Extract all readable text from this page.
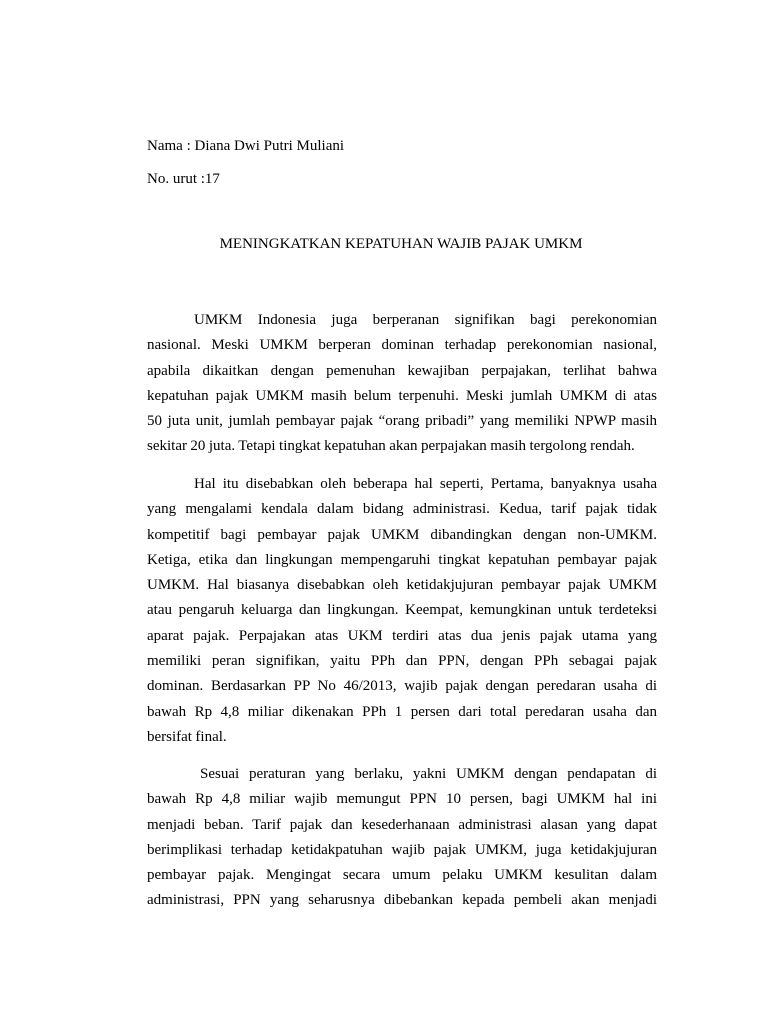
Nama : Diana Dwi Putri Muliani
No. urut :17
MENINGKATKAN KEPATUHAN WAJIB PAJAK UMKM
UMKM Indonesia juga berperanan signifikan bagi perekonomian
nasional. Meski UMKM berperan dominan terhadap perekonomian nasional,
apabila dikaitkan dengan pemenuhan kewajiban perpajakan, terlihat bahwa
kepatuhan pajak UMKM masih belum terpenuhi. Meski jumlah UMKM di atas
50 juta unit, jumlah pembayar pajak “orang pribadi” yang memiliki NPWP masih
sekitar 20 juta. Tetapi tingkat kepatuhan akan perpajakan masih tergolong rendah.
Hal itu disebabkan oleh beberapa hal seperti, Pertama, banyaknya usaha
yang mengalami kendala dalam bidang administrasi. Kedua, tarif pajak tidak
kompetitif bagi pembayar pajak UMKM dibandingkan dengan non-UMKM.
Ketiga, etika dan lingkungan mempengaruhi tingkat kepatuhan pembayar pajak
UMKM. Hal biasanya disebabkan oleh ketidakjujuran pembayar pajak UMKM
atau pengaruh keluarga dan lingkungan. Keempat, kemungkinan untuk terdeteksi
aparat pajak. Perpajakan atas UKM terdiri atas dua jenis pajak utama yang
memiliki peran signifikan, yaitu PPh dan PPN, dengan PPh sebagai pajak
dominan. Berdasarkan PP No 46/2013, wajib pajak dengan peredaran usaha di
bawah Rp 4,8 miliar dikenakan PPh 1 persen dari total peredaran usaha dan
bersifat final.
Sesuai peraturan yang berlaku, yakni UMKM dengan pendapatan di
bawah Rp 4,8 miliar wajib memungut PPN 10 persen, bagi UMKM hal ini
menjadi beban. Tarif pajak dan kesederhanaan administrasi alasan yang dapat
berimplikasi terhadap ketidakpatuhan wajib pajak UMKM, juga ketidakjujuran
pembayar pajak. Mengingat secara umum pelaku UMKM kesulitan dalam
administrasi, PPN yang seharusnya dibebankan kepada pembeli akan menjadi
